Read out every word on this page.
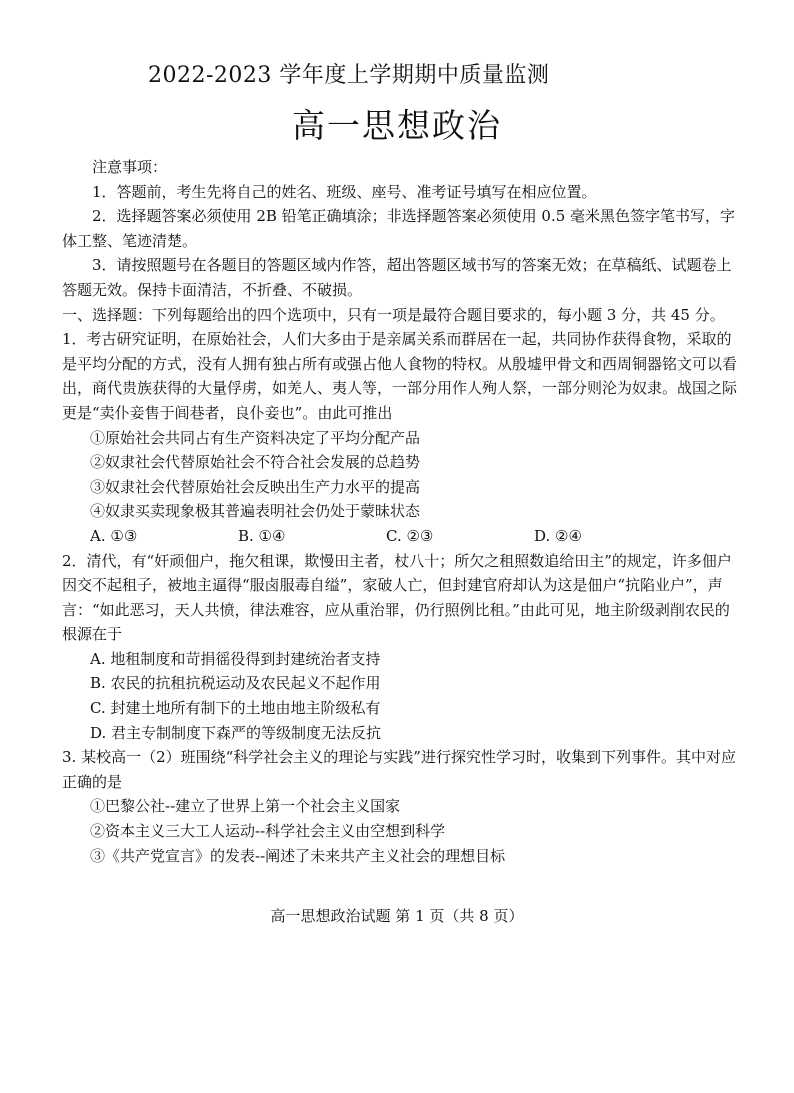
2022-2023 学年度上学期期中质量监测
高一思想政治

注意事项：

1．答题前，考生先将自己的姓名、班级、座号、准考证号填写在相应位置。

2．选择题答案必须使用 2B 铅笔正确填涂；非选择题答案必须使用 0.5 毫米黑色签字笔书写，字体工整、笔迹清楚。

3．请按照题号在各题目的答题区域内作答，超出答题区域书写的答案无效；在草稿纸、试题卷上答题无效。保持卡面清洁，不折叠、不破损。

一、选择题：下列每题给出的四个选项中，只有一项是最符合题目要求的，每小题 3 分，共 45 分。

1．考古研究证明，在原始社会，人们大多由于是亲属关系而群居在一起，共同协作获得食物，采取的是平均分配的方式，没有人拥有独占所有或强占他人食物的特权。从殷墟甲骨文和西周铜器铭文可以看出，商代贵族获得的大量俘虏，如羌人、夷人等，一部分用作人殉人祭，一部分则沦为奴隶。战国之际更是“卖仆妾售于闾巷者，良仆妾也”。由此可推出

①原始社会共同占有生产资料决定了平均分配产品

②奴隶社会代替原始社会不符合社会发展的总趋势

③奴隶社会代替原始社会反映出生产力水平的提高

④奴隶买卖现象极其普遍表明社会仍处于蒙昧状态

A. ①③	B. ①④	C. ②③	D. ②④

2．清代，有“奸顽佃户，拖欠租课，欺慢田主者，杖八十；所欠之租照数追给田主”的规定，许多佃户因交不起租子，被地主逼得“服卤服毒自缢”，家破人亡，但封建官府却认为这是佃户“抗陷业户”，声言：“如此恶习，天人共愤，律法难容，应从重治罪，仍行照例比租。”由此可见，地主阶级剥削农民的根源在于

A. 地租制度和苛捐徭役得到封建统治者支持

B. 农民的抗租抗税运动及农民起义不起作用

C. 封建土地所有制下的土地由地主阶级私有

D. 君主专制制度下森严的等级制度无法反抗

3. 某校高一（2）班围绕“科学社会主义的理论与实践”进行探究性学习时，收集到下列事件。其中对应正确的是

①巴黎公社--建立了世界上第一个社会主义国家

②资本主义三大工人运动--科学社会主义由空想到科学

③《共产党宣言》的发表--阐述了未来共产主义社会的理想目标

高一思想政治试题 第 1 页（共 8 页）
